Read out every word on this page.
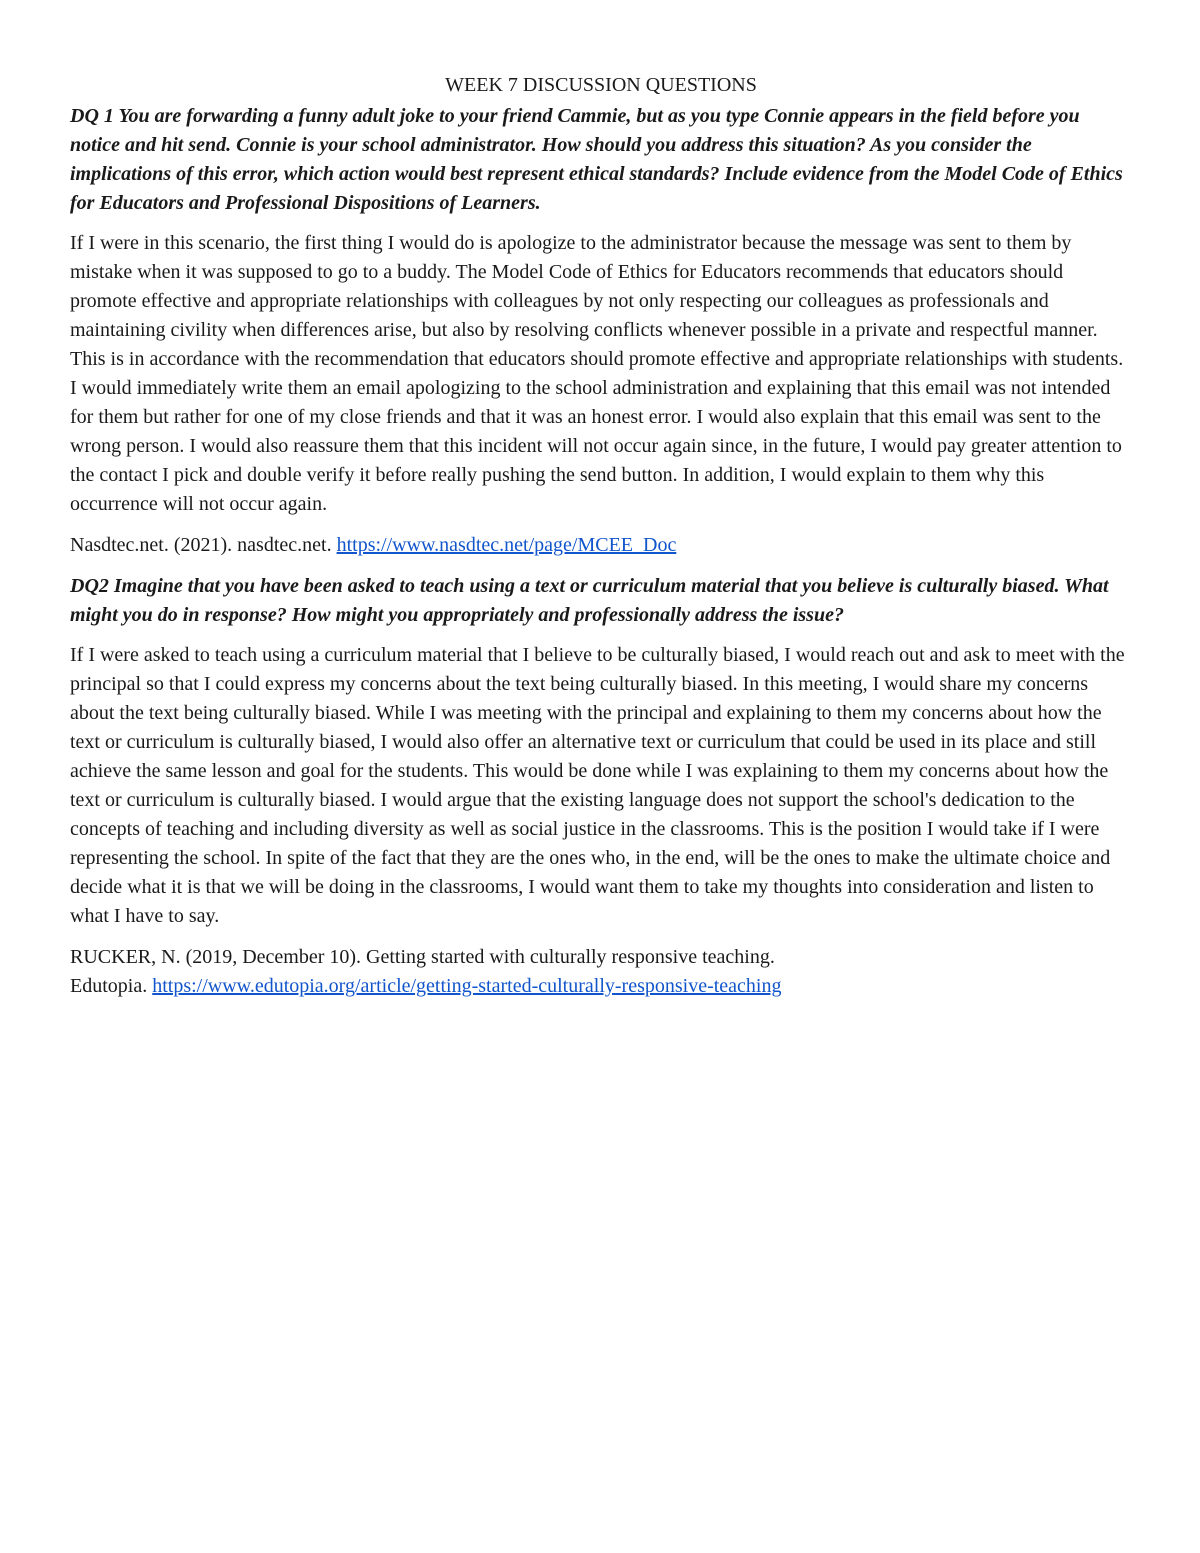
WEEK 7 DISCUSSION QUESTIONS

DQ 1 You are forwarding a funny adult joke to your friend Cammie, but as you type Connie appears in the field before you notice and hit send. Connie is your school administrator. How should you address this situation? As you consider the implications of this error, which action would best represent ethical standards? Include evidence from the Model Code of Ethics for Educators and Professional Dispositions of Learners.

If I were in this scenario, the first thing I would do is apologize to the administrator because the message was sent to them by mistake when it was supposed to go to a buddy. The Model Code of Ethics for Educators recommends that educators should promote effective and appropriate relationships with colleagues by not only respecting our colleagues as professionals and maintaining civility when differences arise, but also by resolving conflicts whenever possible in a private and respectful manner. This is in accordance with the recommendation that educators should promote effective and appropriate relationships with students. I would immediately write them an email apologizing to the school administration and explaining that this email was not intended for them but rather for one of my close friends and that it was an honest error. I would also explain that this email was sent to the wrong person. I would also reassure them that this incident will not occur again since, in the future, I would pay greater attention to the contact I pick and double verify it before really pushing the send button. In addition, I would explain to them why this occurrence will not occur again.

Nasdtec.net. (2021). nasdtec.net. https://www.nasdtec.net/page/MCEE_Doc

DQ2 Imagine that you have been asked to teach using a text or curriculum material that you believe is culturally biased. What might you do in response? How might you appropriately and professionally address the issue?

If I were asked to teach using a curriculum material that I believe to be culturally biased, I would reach out and ask to meet with the principal so that I could express my concerns about the text being culturally biased. In this meeting, I would share my concerns about the text being culturally biased. While I was meeting with the principal and explaining to them my concerns about how the text or curriculum is culturally biased, I would also offer an alternative text or curriculum that could be used in its place and still achieve the same lesson and goal for the students. This would be done while I was explaining to them my concerns about how the text or curriculum is culturally biased. I would argue that the existing language does not support the school's dedication to the concepts of teaching and including diversity as well as social justice in the classrooms. This is the position I would take if I were representing the school. In spite of the fact that they are the ones who, in the end, will be the ones to make the ultimate choice and decide what it is that we will be doing in the classrooms, I would want them to take my thoughts into consideration and listen to what I have to say.

RUCKER, N. (2019, December 10). Getting started with culturally responsive teaching.
Edutopia. https://www.edutopia.org/article/getting-started-culturally-responsive-teaching
